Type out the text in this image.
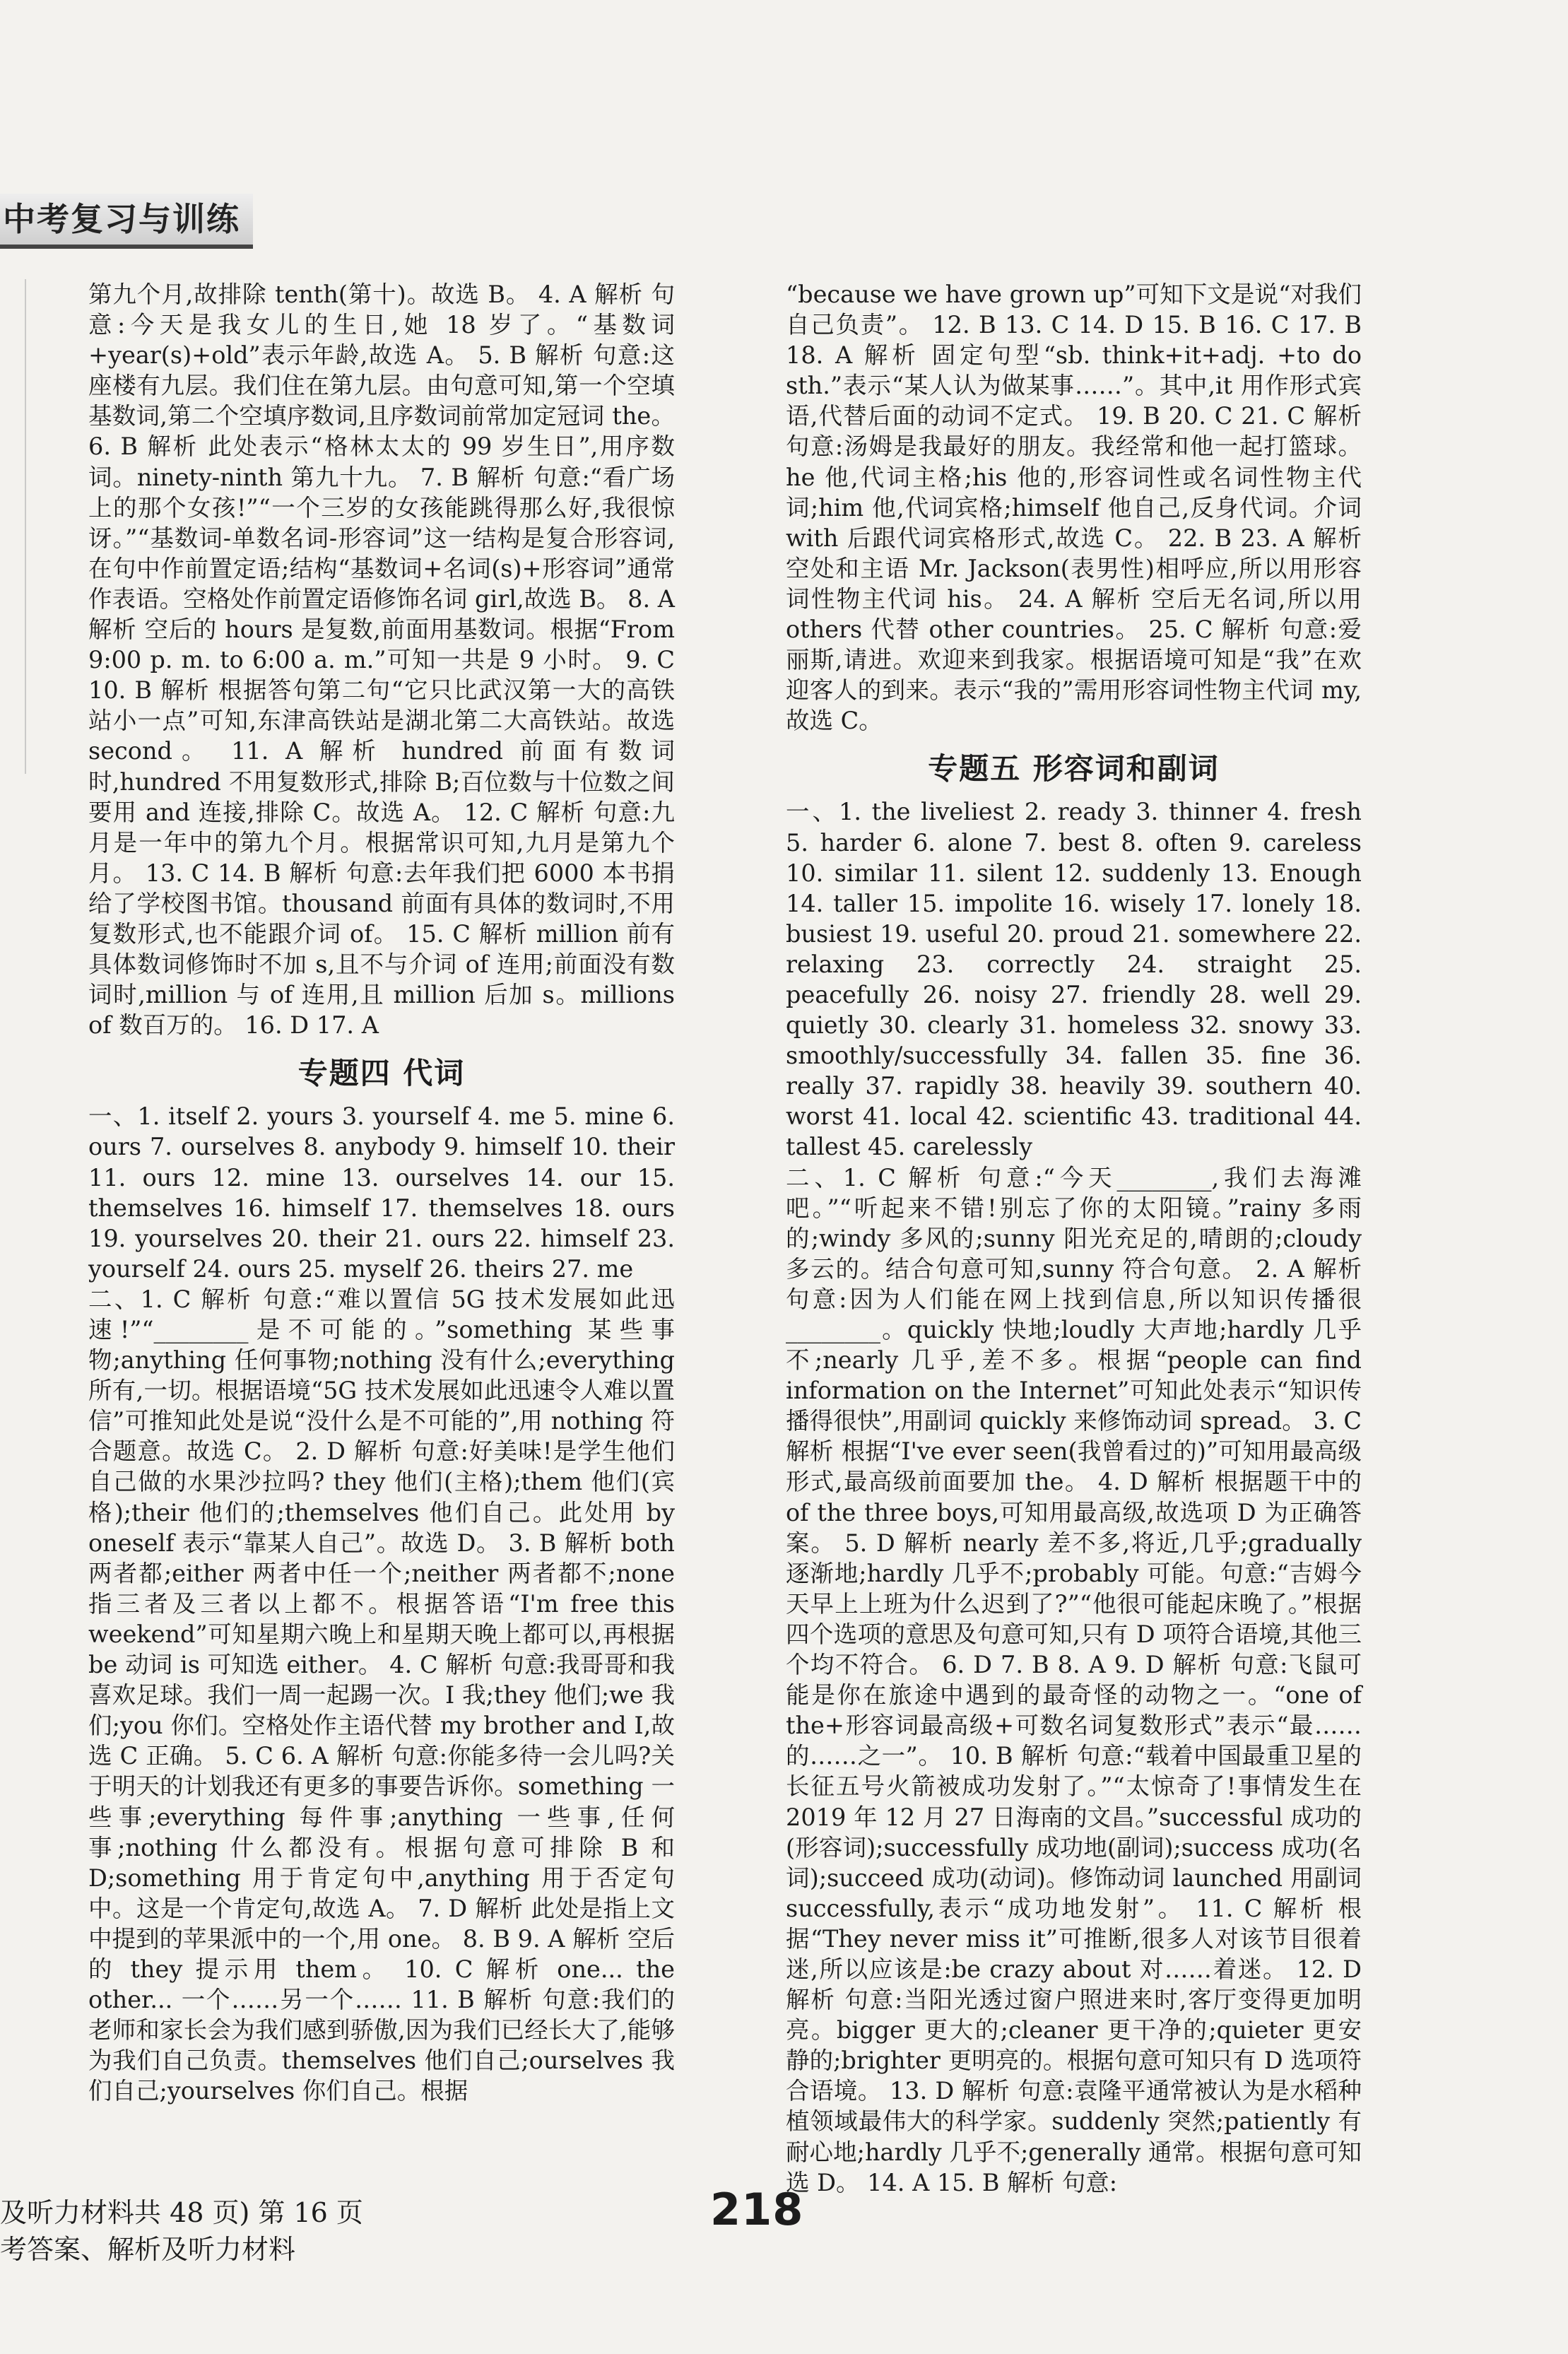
中考复习与训练

第九个月,故排除 tenth(第十)。故选 B。 4. A 解析 句意:今天是我女儿的生日,她 18 岁了。“基数词+year(s)+old”表示年龄,故选 A。 5. B 解析 句意:这座楼有九层。我们住在第九层。由句意可知,第一个空填基数词,第二个空填序数词,且序数词前常加定冠词 the。 6. B 解析 此处表示“格林太太的 99 岁生日”,用序数词。ninety-ninth 第九十九。 7. B 解析 句意:“看广场上的那个女孩!”“一个三岁的女孩能跳得那么好,我很惊讶。”“基数词-单数名词-形容词”这一结构是复合形容词,在句中作前置定语;结构“基数词+名词(s)+形容词”通常作表语。空格处作前置定语修饰名词 girl,故选 B。 8. A 解析 空后的 hours 是复数,前面用基数词。根据“From 9:00 p. m. to 6:00 a. m.”可知一共是 9 小时。 9. C 10. B 解析 根据答句第二句“它只比武汉第一大的高铁站小一点”可知,东津高铁站是湖北第二大高铁站。故选 second。 11. A 解析 hundred 前面有数词时,hundred 不用复数形式,排除 B;百位数与十位数之间要用 and 连接,排除 C。故选 A。 12. C 解析 句意:九月是一年中的第九个月。根据常识可知,九月是第九个月。 13. C 14. B 解析 句意:去年我们把 6000 本书捐给了学校图书馆。thousand 前面有具体的数词时,不用复数形式,也不能跟介词 of。 15. C 解析 million 前有具体数词修饰时不加 s,且不与介词 of 连用;前面没有数词时,million 与 of 连用,且 million 后加 s。millions of 数百万的。 16. D 17. A

专题四 代词

一、1. itself 2. yours 3. yourself 4. me 5. mine 6. ours 7. ourselves 8. anybody 9. himself 10. their 11. ours 12. mine 13. ourselves 14. our 15. themselves 16. himself 17. themselves 18. ours 19. yourselves 20. their 21. ours 22. himself 23. yourself 24. ours 25. myself 26. theirs 27. me

二、1. C 解析 句意:“难以置信 5G 技术发展如此迅速!”“________是不可能的。”something 某些事物;anything 任何事物;nothing 没有什么;everything 所有,一切。根据语境“5G 技术发展如此迅速令人难以置信”可推知此处是说“没什么是不可能的”,用 nothing 符合题意。故选 C。 2. D 解析 句意:好美味!是学生他们自己做的水果沙拉吗? they 他们(主格);them 他们(宾格);their 他们的;themselves 他们自己。此处用 by oneself 表示“靠某人自己”。故选 D。 3. B 解析 both 两者都;either 两者中任一个;neither 两者都不;none 指三者及三者以上都不。根据答语“I'm free this weekend”可知星期六晚上和星期天晚上都可以,再根据 be 动词 is 可知选 either。 4. C 解析 句意:我哥哥和我喜欢足球。我们一周一起踢一次。I 我;they 他们;we 我们;you 你们。空格处作主语代替 my brother and I,故选 C 正确。 5. C 6. A 解析 句意:你能多待一会儿吗?关于明天的计划我还有更多的事要告诉你。something 一些事;everything 每件事;anything 一些事,任何事;nothing 什么都没有。根据句意可排除 B 和 D;something 用于肯定句中,anything 用于否定句中。这是一个肯定句,故选 A。 7. D 解析 此处是指上文中提到的苹果派中的一个,用 one。 8. B 9. A 解析 空后的 they 提示用 them。 10. C 解析 one... the other... 一个……另一个…… 11. B 解析 句意:我们的老师和家长会为我们感到骄傲,因为我们已经长大了,能够为我们自己负责。themselves 他们自己;ourselves 我们自己;yourselves 你们自己。根据

“because we have grown up”可知下文是说“对我们自己负责”。 12. B 13. C 14. D 15. B 16. C 17. B 18. A 解析 固定句型“sb. think+it+adj. +to do sth.”表示“某人认为做某事……”。其中,it 用作形式宾语,代替后面的动词不定式。 19. B 20. C 21. C 解析 句意:汤姆是我最好的朋友。我经常和他一起打篮球。he 他,代词主格;his 他的,形容词性或名词性物主代词;him 他,代词宾格;himself 他自己,反身代词。介词 with 后跟代词宾格形式,故选 C。 22. B 23. A 解析 空处和主语 Mr. Jackson(表男性)相呼应,所以用形容词性物主代词 his。 24. A 解析 空后无名词,所以用 others 代替 other countries。 25. C 解析 句意:爱丽斯,请进。欢迎来到我家。根据语境可知是“我”在欢迎客人的到来。表示“我的”需用形容词性物主代词 my,故选 C。

专题五 形容词和副词

一、1. the liveliest 2. ready 3. thinner 4. fresh 5. harder 6. alone 7. best 8. often 9. careless 10. similar 11. silent 12. suddenly 13. Enough 14. taller 15. impolite 16. wisely 17. lonely 18. busiest 19. useful 20. proud 21. somewhere 22. relaxing 23. correctly 24. straight 25. peacefully 26. noisy 27. friendly 28. well 29. quietly 30. clearly 31. homeless 32. snowy 33. smoothly/successfully 34. fallen 35. fine 36. really 37. rapidly 38. heavily 39. southern 40. worst 41. local 42. scientific 43. traditional 44. tallest 45. carelessly

二、1. C 解析 句意:“今天________,我们去海滩吧。”“听起来不错!别忘了你的太阳镜。”rainy 多雨的;windy 多风的;sunny 阳光充足的,晴朗的;cloudy 多云的。结合句意可知,sunny 符合句意。 2. A 解析 句意:因为人们能在网上找到信息,所以知识传播很________。quickly 快地;loudly 大声地;hardly 几乎不;nearly 几乎,差不多。根据“people can find information on the Internet”可知此处表示“知识传播得很快”,用副词 quickly 来修饰动词 spread。 3. C 解析 根据“I've ever seen(我曾看过的)”可知用最高级形式,最高级前面要加 the。 4. D 解析 根据题干中的 of the three boys,可知用最高级,故选项 D 为正确答案。 5. D 解析 nearly 差不多,将近,几乎;gradually 逐渐地;hardly 几乎不;probably 可能。句意:“吉姆今天早上上班为什么迟到了?”“他很可能起床晚了。”根据四个选项的意思及句意可知,只有 D 项符合语境,其他三个均不符合。 6. D 7. B 8. A 9. D 解析 句意:飞鼠可能是你在旅途中遇到的最奇怪的动物之一。“one of the+形容词最高级+可数名词复数形式”表示“最……的……之一”。 10. B 解析 句意:“载着中国最重卫星的长征五号火箭被成功发射了。”“太惊奇了!事情发生在 2019 年 12 月 27 日海南的文昌。”successful 成功的(形容词);successfully 成功地(副词);success 成功(名词);succeed 成功(动词)。修饰动词 launched 用副词 successfully,表示“成功地发射”。 11. C 解析 根据“They never miss it”可推断,很多人对该节目很着迷,所以应该是:be crazy about 对……着迷。 12. D 解析 句意:当阳光透过窗户照进来时,客厅变得更加明亮。bigger 更大的;cleaner 更干净的;quieter 更安静的;brighter 更明亮的。根据句意可知只有 D 选项符合语境。 13. D 解析 句意:袁隆平通常被认为是水稻种植领域最伟大的科学家。suddenly 突然;patiently 有耐心地;hardly 几乎不;generally 通常。根据句意可知选 D。 14. A 15. B 解析 句意:

及听力材料共 48 页) 第 16 页
考答案、解析及听力材料
218
